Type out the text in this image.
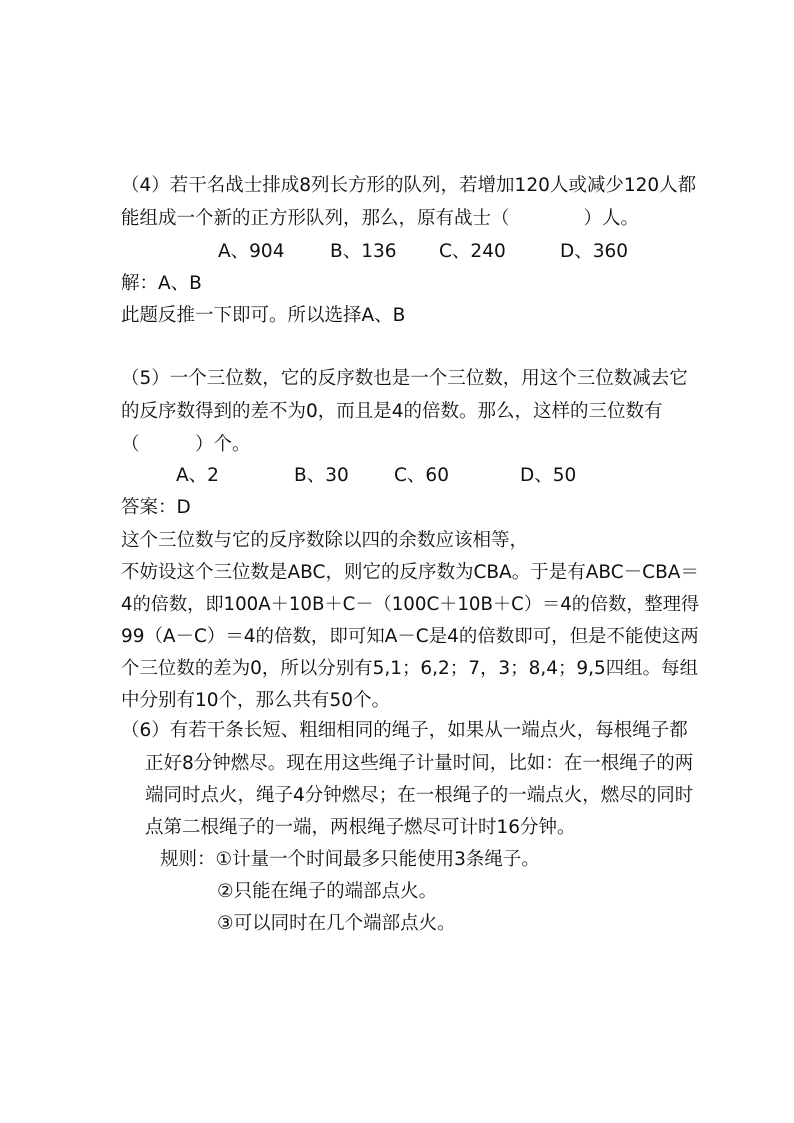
（4）若干名战士排成8列长方形的队列，若增加120人或减少120人都
能组成一个新的正方形队列，那么，原有战士（　　　　）人。
A、904 B、136 C、240	D、360
解：A、B
此题反推一下即可。所以选择A、B
（5）一个三位数，它的反序数也是一个三位数，用这个三位数减去它
的反序数得到的差不为0，而且是4的倍数。那么，这样的三位数有
（　　　）个。
A、2	B、30 C、60	D、50
答案：D
这个三位数与它的反序数除以四的余数应该相等，
不妨设这个三位数是ABC，则它的反序数为CBA。于是有ABC－CBA＝
4的倍数，即100A＋10B＋C－（100C＋10B＋C）＝4的倍数，整理得
99（A－C）＝4的倍数，即可知A－C是4的倍数即可，但是不能使这两
个三位数的差为0，所以分别有5,1；6,2；7，3；8,4；9,5四组。每组
中分别有10个，那么共有50个。
（6）有若干条长短、粗细相同的绳子，如果从一端点火，每根绳子都
正好8分钟燃尽。现在用这些绳子计量时间，比如：在一根绳子的两
端同时点火，绳子4分钟燃尽；在一根绳子的一端点火，燃尽的同时
点第二根绳子的一端，两根绳子燃尽可计时16分钟。
规则：①计量一个时间最多只能使用3条绳子。
②只能在绳子的端部点火。
③可以同时在几个端部点火。
